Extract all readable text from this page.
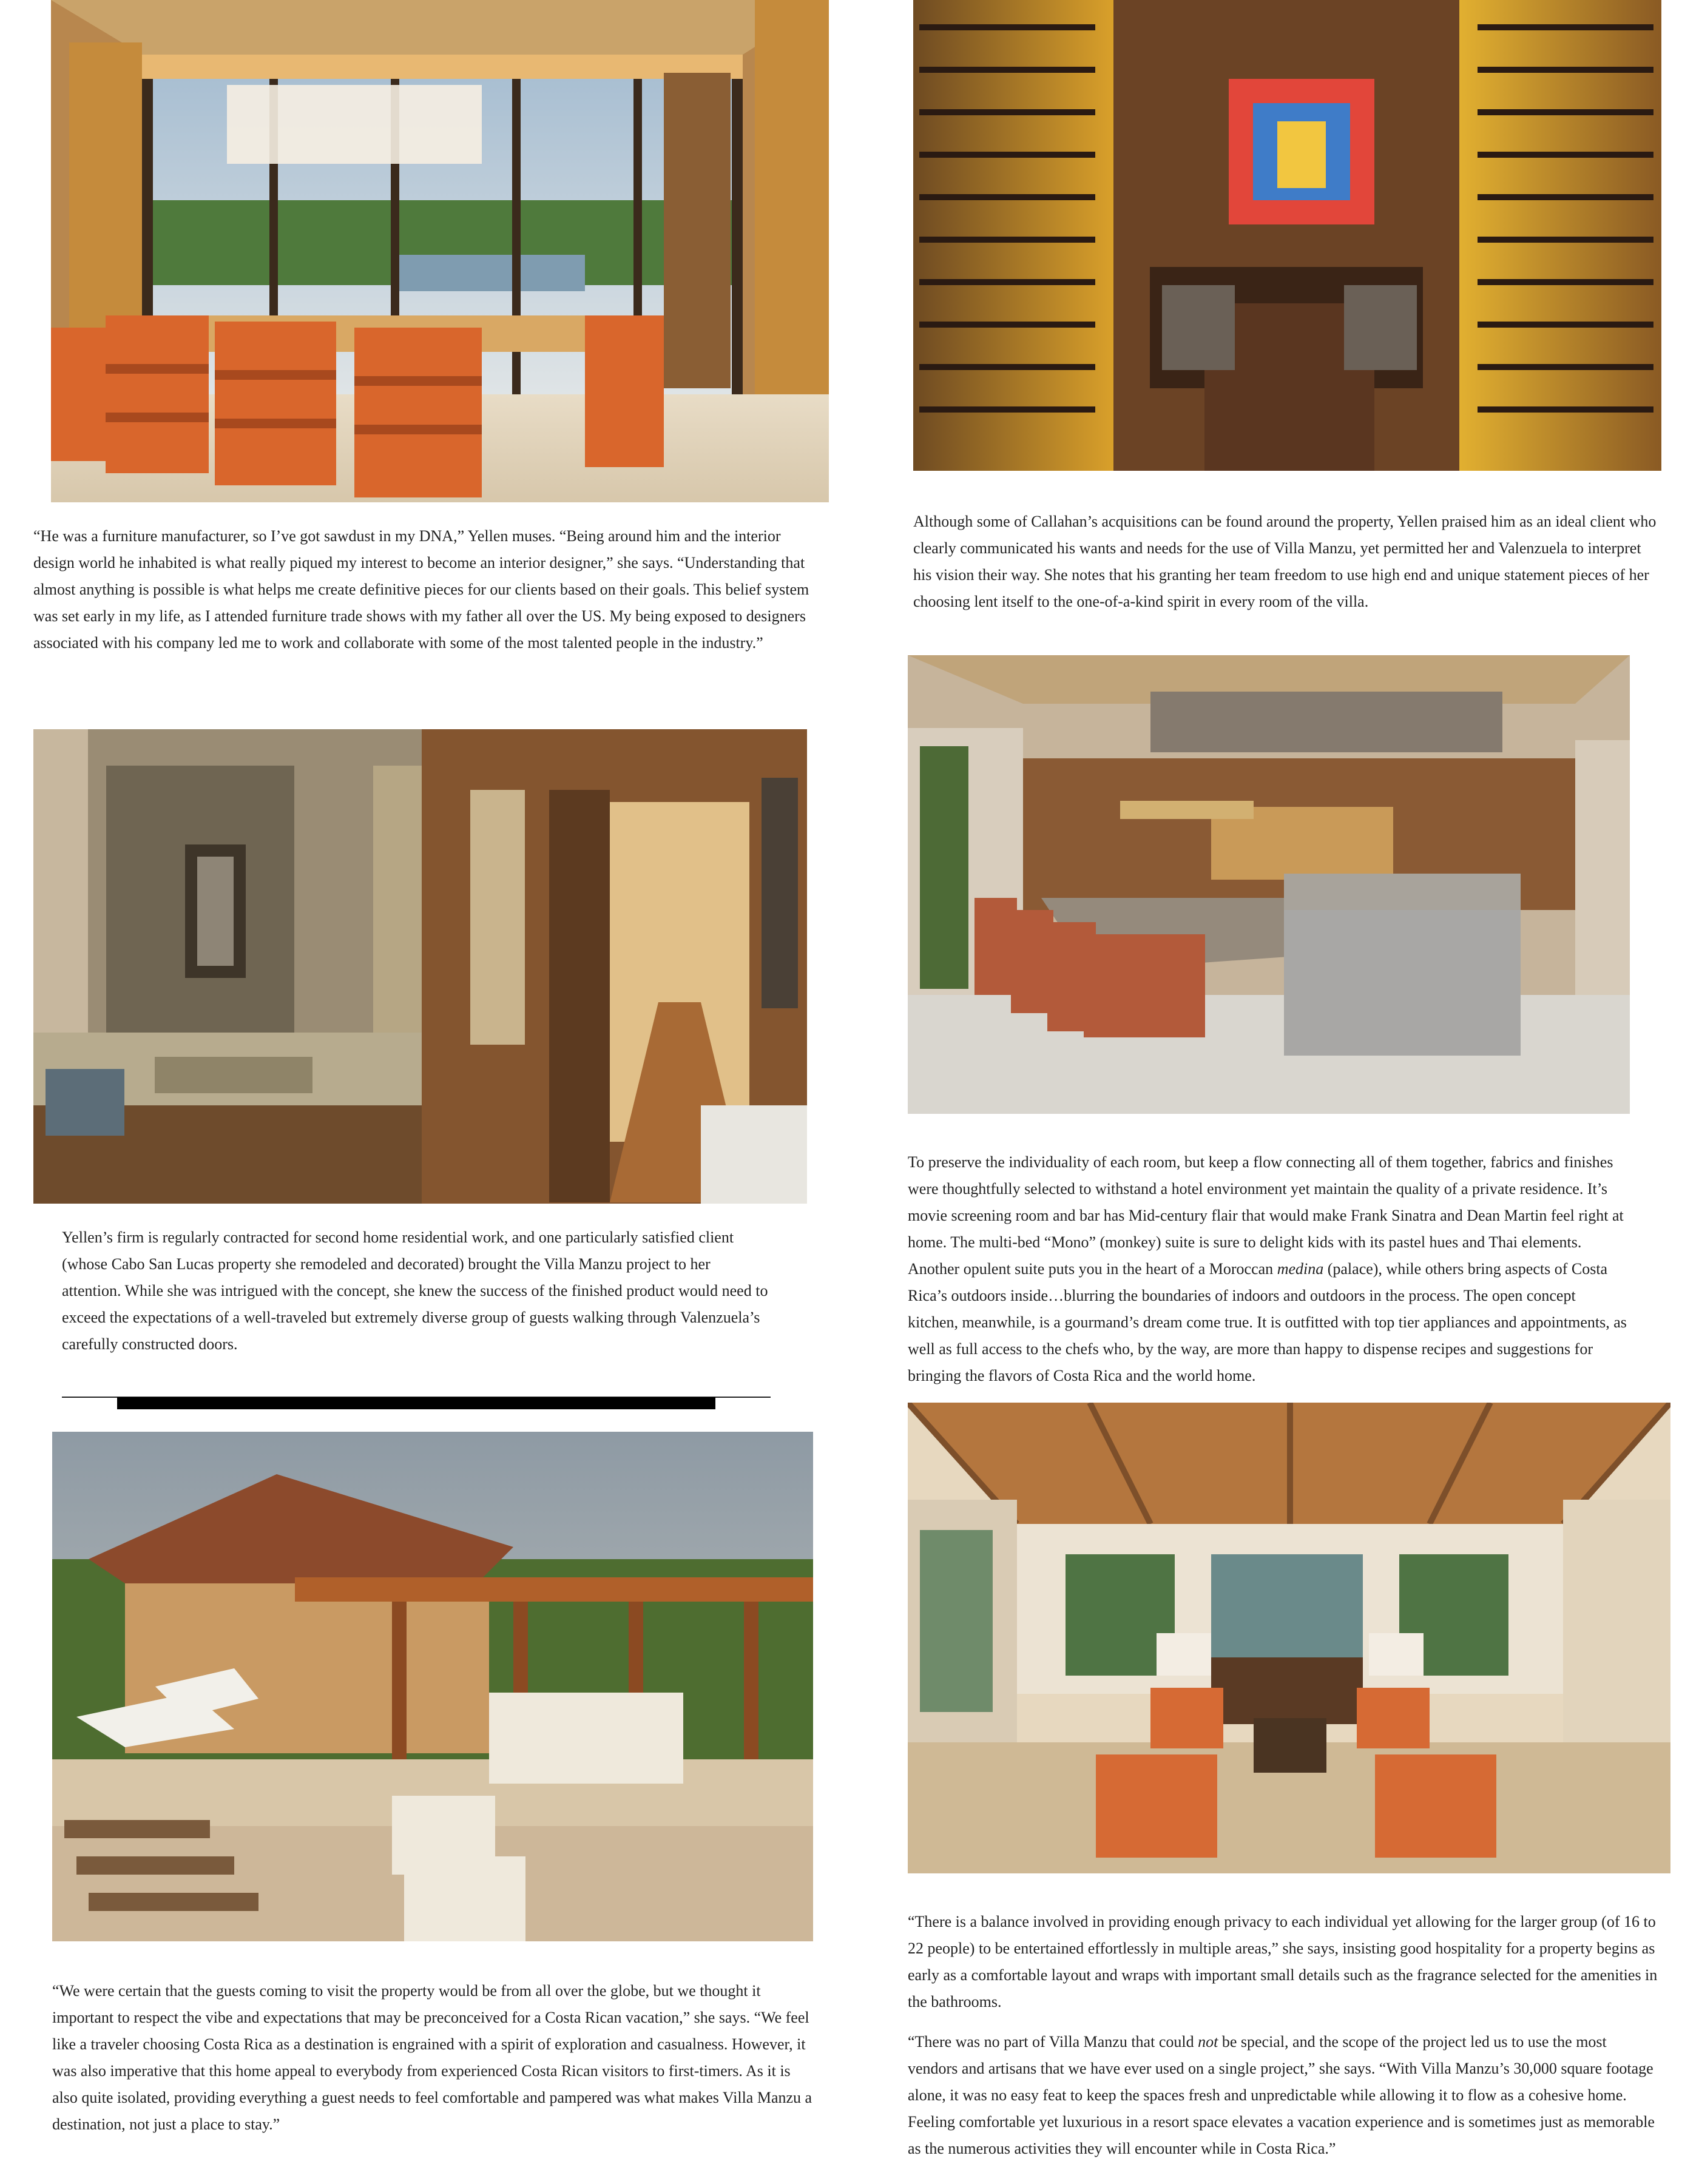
“He was a furniture manufacturer, so I’ve got sawdust in my DNA,” Yellen muses. “Being around him and the interior design world he inhabited is what really piqued my interest to become an interior designer,” she says. “Understanding that almost anything is possible is what helps me create definitive pieces for our clients based on their goals. This belief system was set early in my life, as I attended furniture trade shows with my father all over the US. My being exposed to designers associated with his company led me to work and collaborate with some of the most talented people in the industry.”

Yellen’s firm is regularly contracted for second home residential work, and one particularly satisfied client (whose Cabo San Lucas property she remodeled and decorated) brought the Villa Manzu project to her attention. While she was intrigued with the concept, she knew the success of the finished product would need to exceed the expectations of a well-traveled but extremely diverse group of guests walking through Valenzuela’s carefully constructed doors.

“We were certain that the guests coming to visit the property would be from all over the globe, but we thought it important to respect the vibe and expectations that may be preconceived for a Costa Rican vacation,” she says. “We feel like a traveler choosing Costa Rica as a destination is engrained with a spirit of exploration and casualness. However, it was also imperative that this home appeal to everybody from experienced Costa Rican visitors to first-timers. As it is also quite isolated, providing everything a guest needs to feel comfortable and pampered was what makes Villa Manzu a destination, not just a place to stay.”

Although some of Callahan’s acquisitions can be found around the property, Yellen praised him as an ideal client who clearly communicated his wants and needs for the use of Villa Manzu, yet permitted her and Valenzuela to interpret his vision their way. She notes that his granting her team freedom to use high end and unique statement pieces of her choosing lent itself to the one-of-a-kind spirit in every room of the villa.

To preserve the individuality of each room, but keep a flow connecting all of them together, fabrics and finishes were thoughtfully selected to withstand a hotel environment yet maintain the quality of a private residence. It’s movie screening room and bar has Mid-century flair that would make Frank Sinatra and Dean Martin feel right at home. The multi-bed “Mono” (monkey) suite is sure to delight kids with its pastel hues and Thai elements. Another opulent suite puts you in the heart of a Moroccan medina (palace), while others bring aspects of Costa Rica’s outdoors inside…blurring the boundaries of indoors and outdoors in the process. The open concept kitchen, meanwhile, is a gourmand’s dream come true. It is outfitted with top tier appliances and appointments, as well as full access to the chefs who, by the way, are more than happy to dispense recipes and suggestions for bringing the flavors of Costa Rica and the world home.

“There is a balance involved in providing enough privacy to each individual yet allowing for the larger group (of 16 to 22 people) to be entertained effortlessly in multiple areas,” she says, insisting good hospitality for a property begins as early as a comfortable layout and wraps with important small details such as the fragrance selected for the amenities in the bathrooms.

“There was no part of Villa Manzu that could not be special, and the scope of the project led us to use the most vendors and artisans that we have ever used on a single project,” she says. “With Villa Manzu’s 30,000 square footage alone, it was no easy feat to keep the spaces fresh and unpredictable while allowing it to flow as a cohesive home. Feeling comfortable yet luxurious in a resort space elevates a vacation experience and is sometimes just as memorable as the numerous activities they will encounter while in Costa Rica.”
